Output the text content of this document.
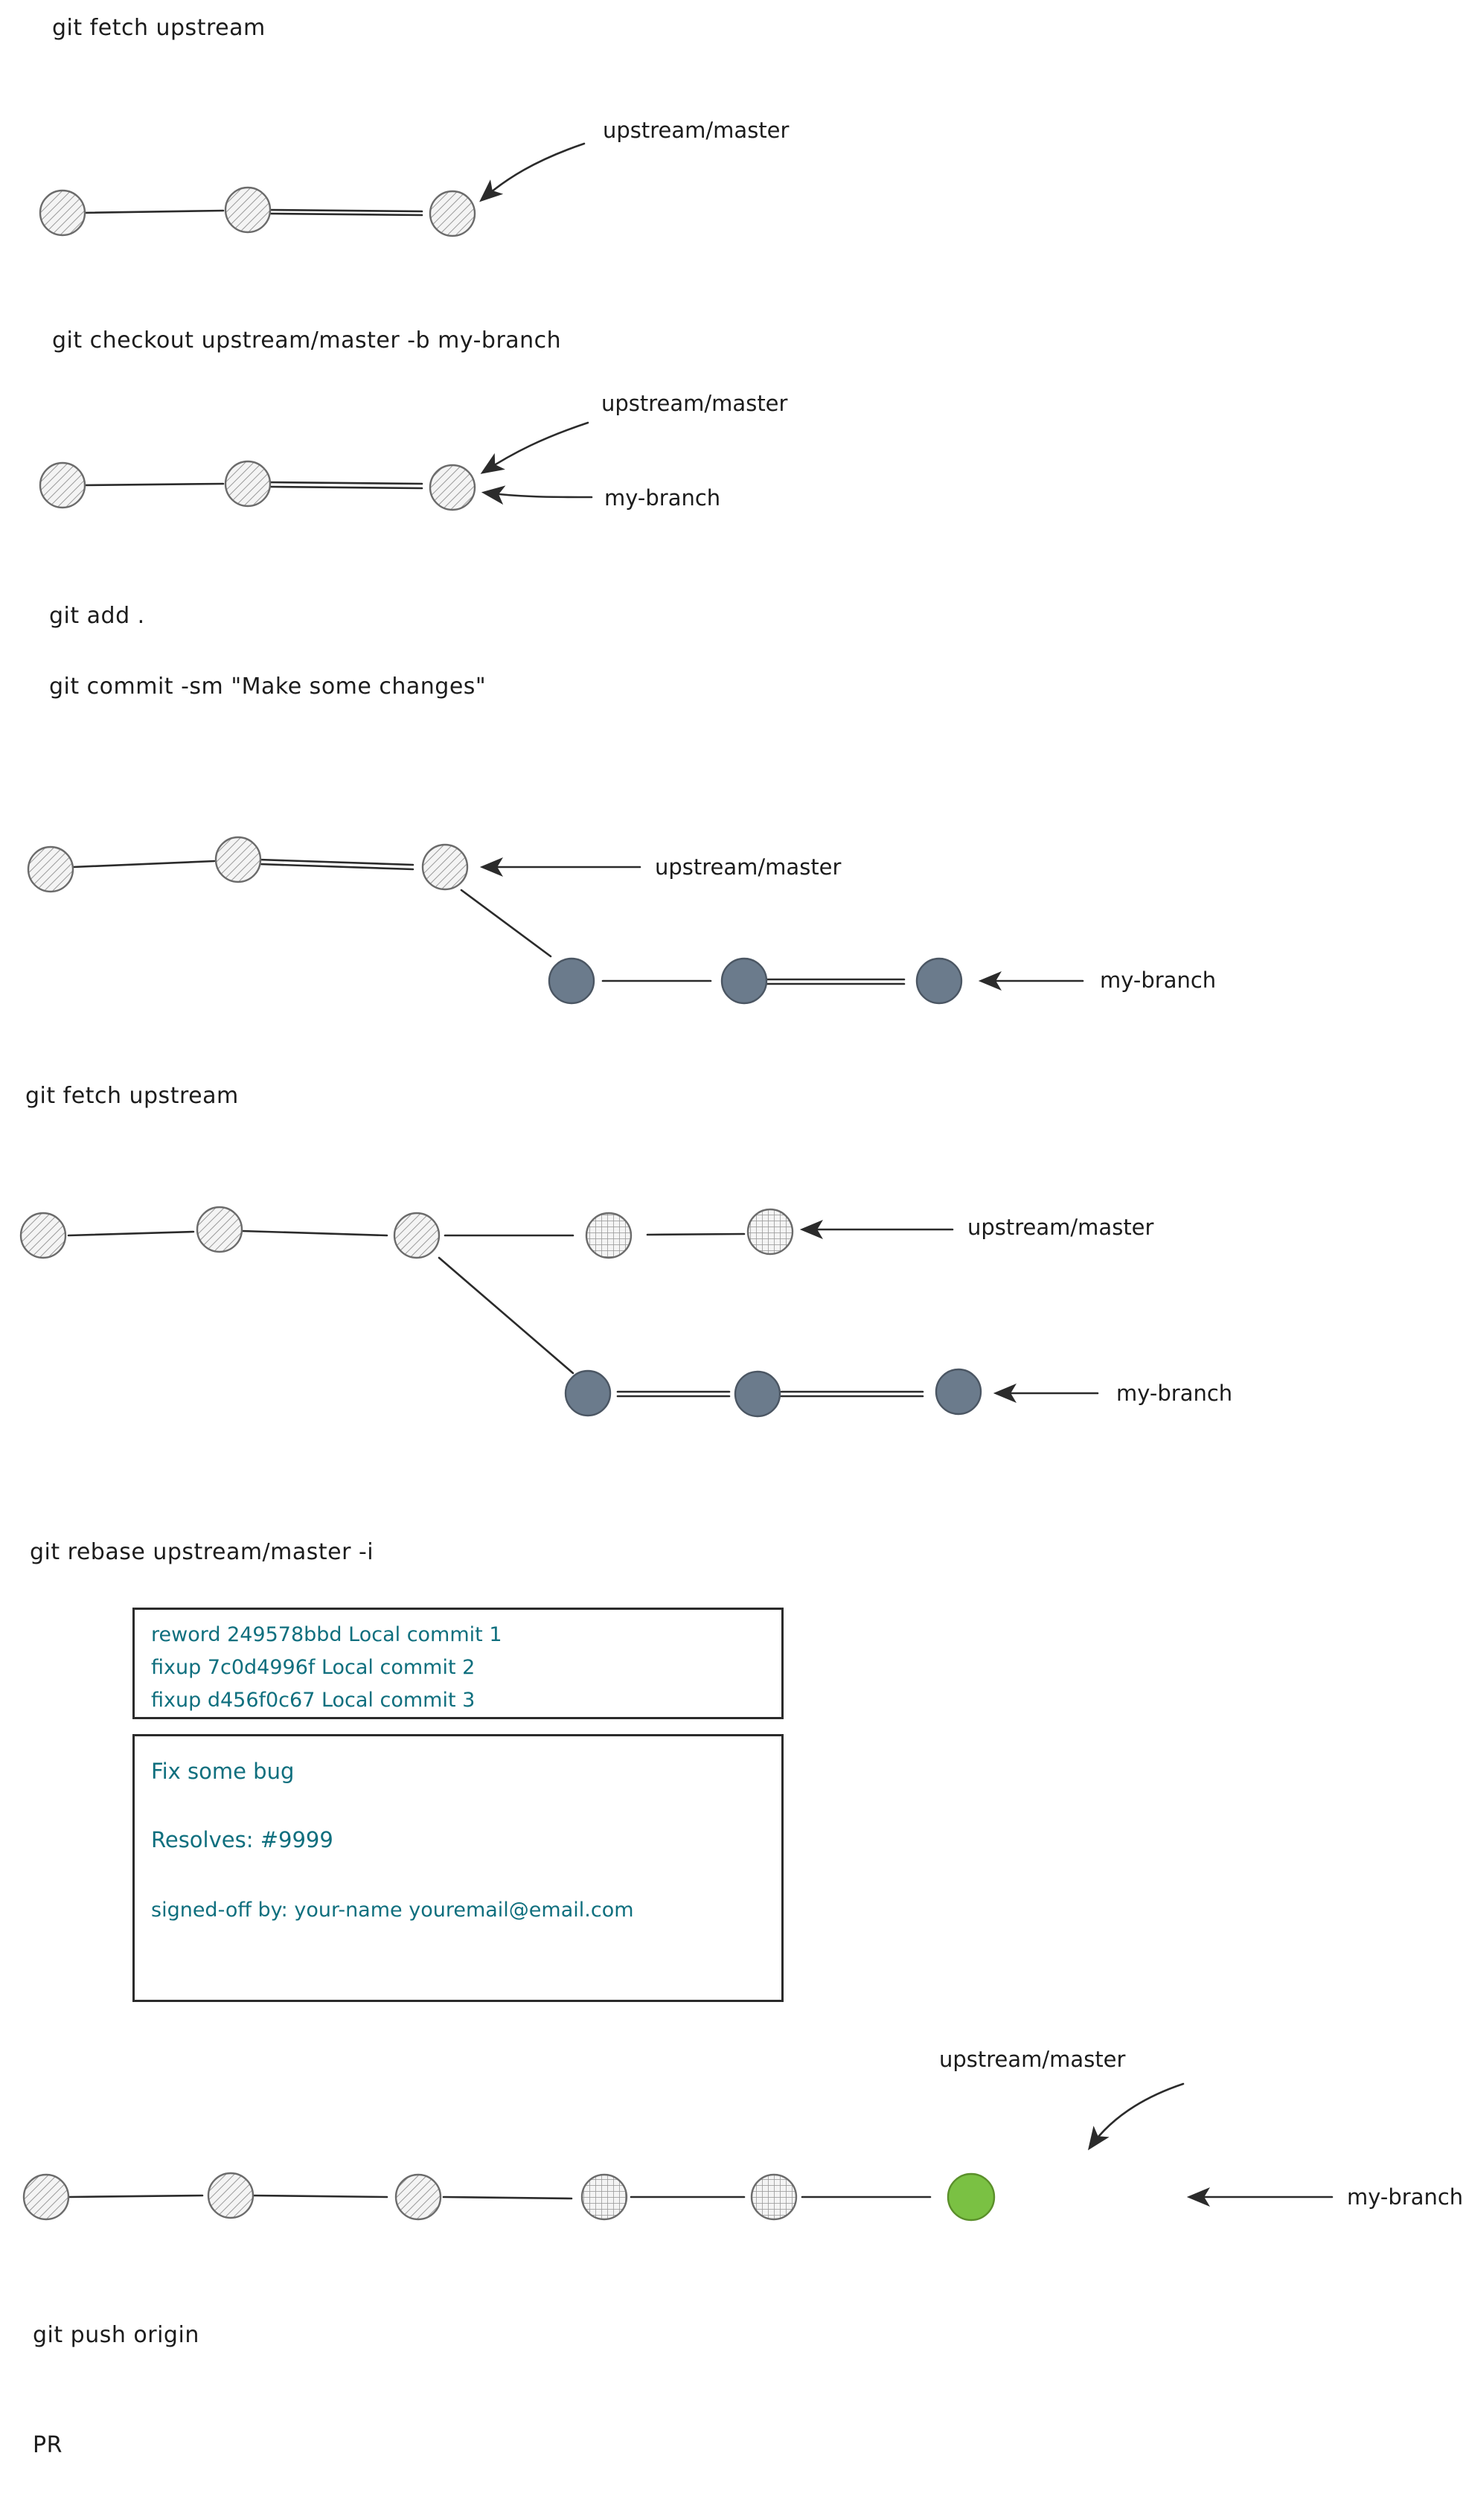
git fetch upstream
upstream/master
git checkout upstream/master -b my-branch
upstream/master
my-branch
git add .
git commit -sm "Make some changes"
upstream/master
my-branch
git fetch upstream
upstream/master
my-branch
git rebase upstream/master -i
reword 249578bbd Local commit 1
fixup 7c0d4996f Local commit 2
fixup d456f0c67 Local commit 3
Fix some bug
Resolves: #9999
signed-off by: your-name youremail@email.com
upstream/master
my-branch
git push origin
PR
